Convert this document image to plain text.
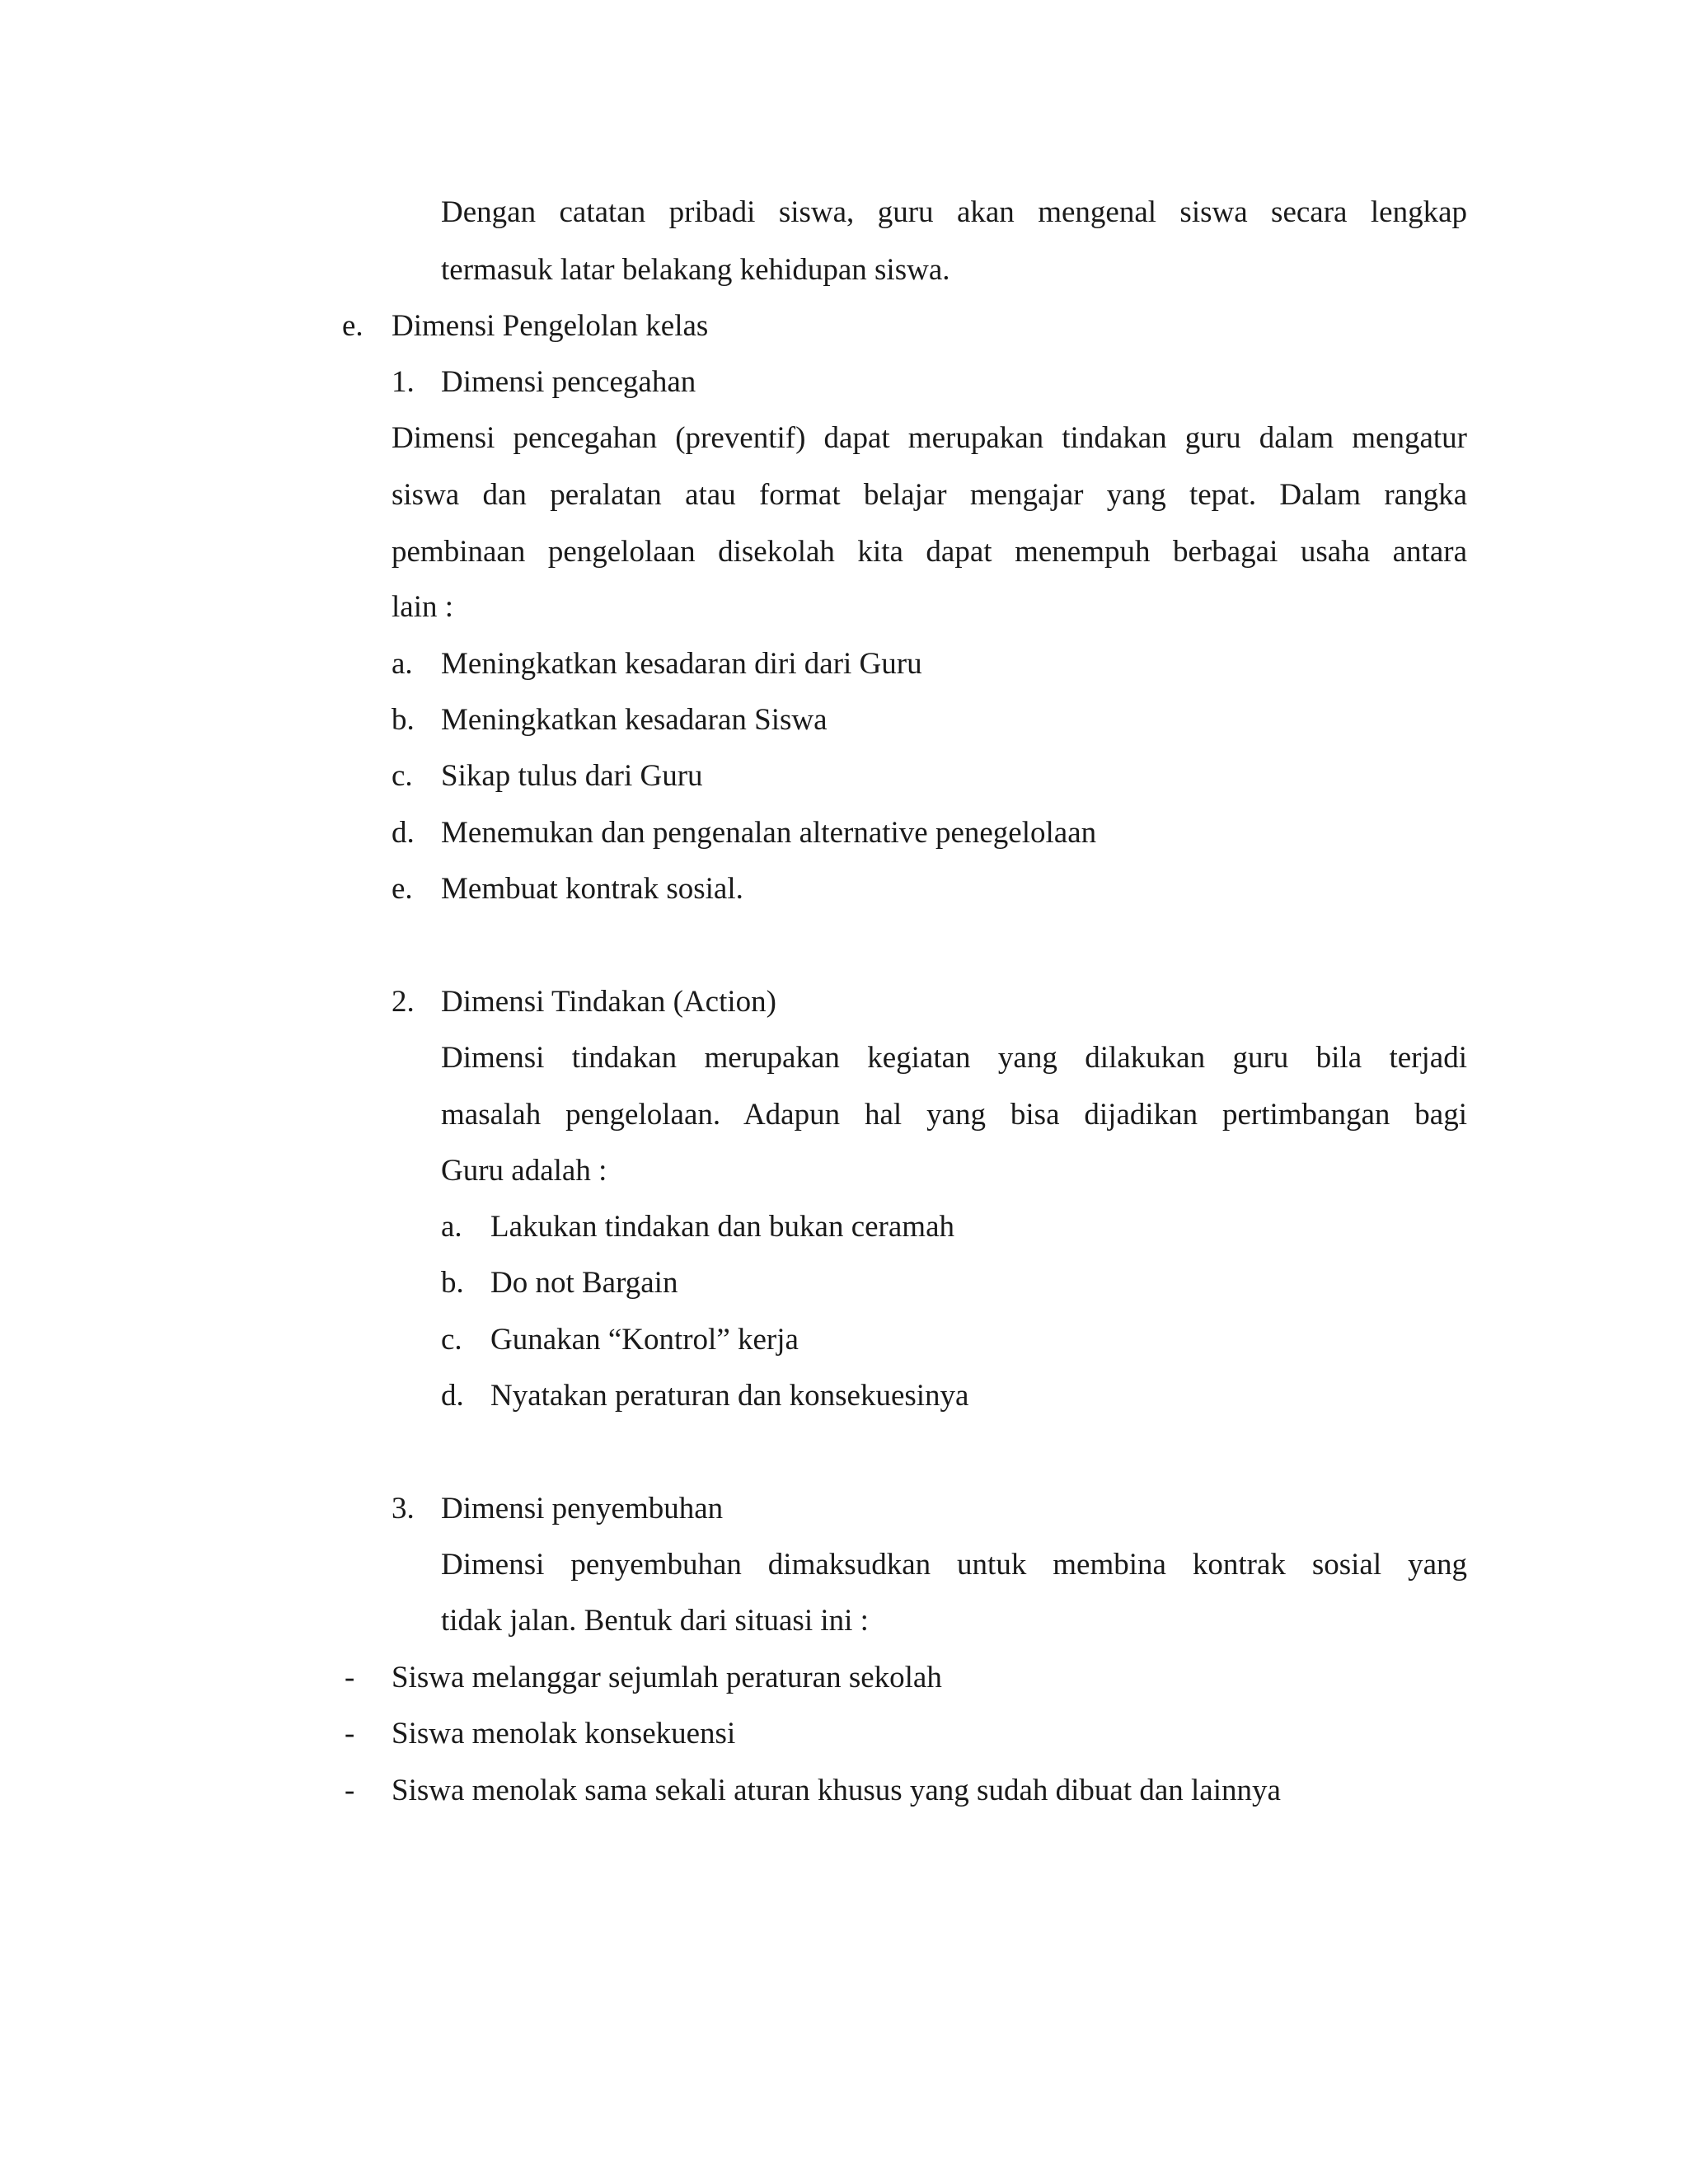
Dengan catatan pribadi siswa, guru akan mengenal siswa secara lengkap
termasuk latar belakang kehidupan siswa.
e. Dimensi Pengelolan kelas
1. Dimensi pencegahan
Dimensi pencegahan (preventif) dapat merupakan tindakan guru dalam mengatur
siswa dan peralatan atau format belajar mengajar yang tepat. Dalam rangka
pembinaan pengelolaan disekolah kita dapat menempuh berbagai usaha antara
lain :
a. Meningkatkan kesadaran diri dari Guru
b. Meningkatkan kesadaran Siswa
c. Sikap tulus dari Guru
d. Menemukan dan pengenalan alternative penegelolaan
e. Membuat kontrak sosial.
2. Dimensi Tindakan (Action)
Dimensi tindakan merupakan kegiatan yang dilakukan guru bila terjadi
masalah pengelolaan. Adapun hal yang bisa dijadikan pertimbangan bagi
Guru adalah :
a. Lakukan tindakan dan bukan ceramah
b. Do not Bargain
c. Gunakan “Kontrol” kerja
d. Nyatakan peraturan dan konsekuesinya
3. Dimensi penyembuhan
Dimensi penyembuhan dimaksudkan untuk membina kontrak sosial yang
tidak jalan. Bentuk dari situasi ini :
- Siswa melanggar sejumlah peraturan sekolah
- Siswa menolak konsekuensi
- Siswa menolak sama sekali aturan khusus yang sudah dibuat dan lainnya
